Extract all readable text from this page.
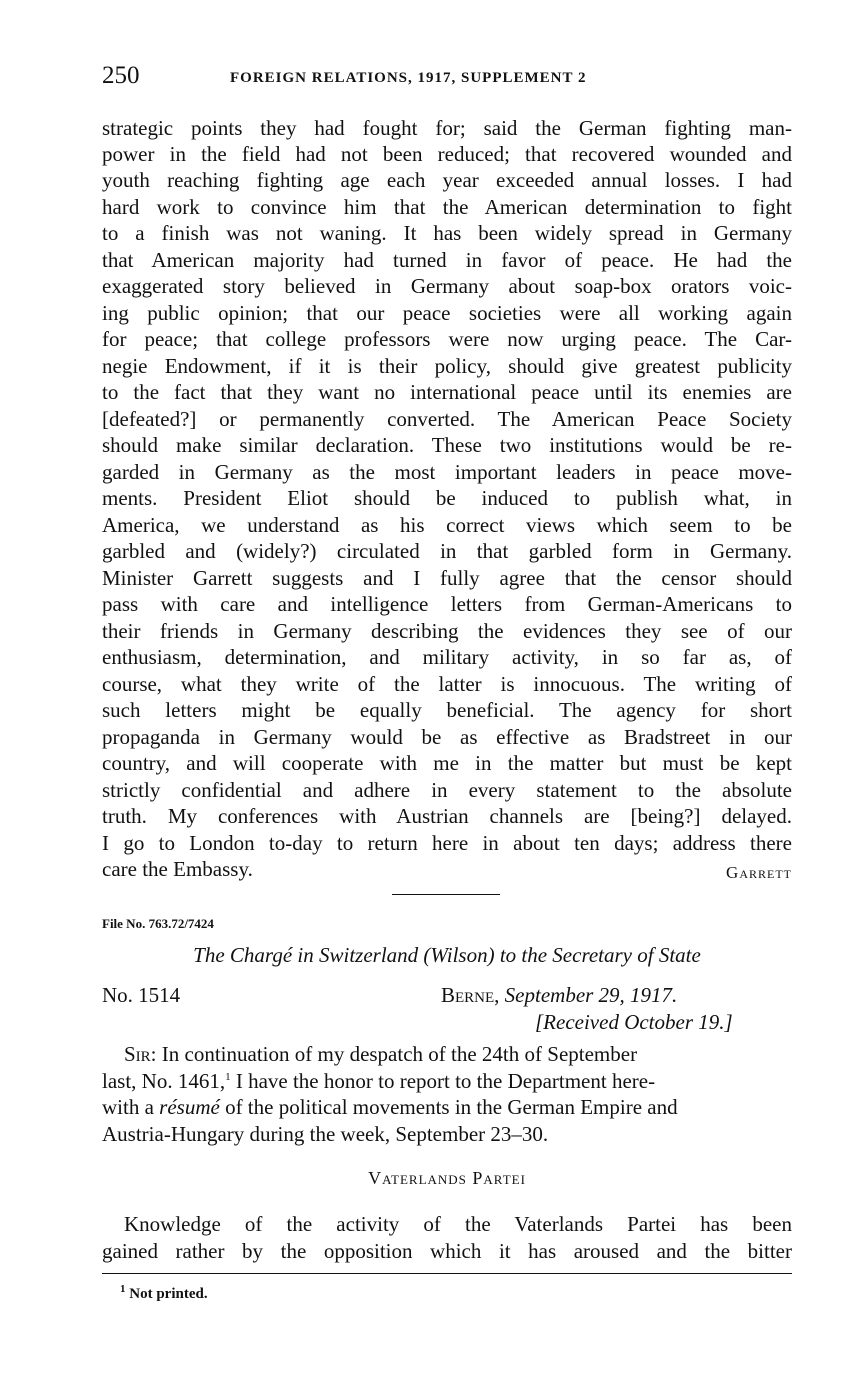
250	FOREIGN RELATIONS, 1917, SUPPLEMENT 2
strategic points they had fought for; said the German fighting man-
power in the field had not been reduced; that recovered wounded and
youth reaching fighting age each year exceeded annual losses. I had
hard work to convince him that the American determination to fight
to a finish was not waning. It has been widely spread in Germany
that American majority had turned in favor of peace. He had the
exaggerated story believed in Germany about soap-box orators voic-
ing public opinion; that our peace societies were all working again
for peace; that college professors were now urging peace. The Car-
negie Endowment, if it is their policy, should give greatest publicity
to the fact that they want no international peace until its enemies are
[defeated?] or permanently converted. The American Peace Society
should make similar declaration. These two institutions would be re-
garded in Germany as the most important leaders in peace move-
ments. President Eliot should be induced to publish what, in
America, we understand as his correct views which seem to be
garbled and (widely?) circulated in that garbled form in Germany.
Minister Garrett suggests and I fully agree that the censor should
pass with care and intelligence letters from German-Americans to
their friends in Germany describing the evidences they see of our
enthusiasm, determination, and military activity, in so far as, of
course, what they write of the latter is innocuous. The writing of
such letters might be equally beneficial. The agency for short
propaganda in Germany would be as effective as Bradstreet in our
country, and will cooperate with me in the matter but must be kept
strictly confidential and adhere in every statement to the absolute
truth. My conferences with Austrian channels are [being?] delayed.
I go to London to-day to return here in about ten days; address there
care the Embassy.	Garrett
File No. 763.72/7424
The Chargé in Switzerland (Wilson) to the Secretary of State
No. 1514	Berne, September 29, 1917.
[Received October 19.]
Sir: In continuation of my despatch of the 24th of September
last, No. 1461,$^1$ I have the honor to report to the Department here-
with a résumé of the political movements in the German Empire and
Austria-Hungary during the week, September 23–30.
Vaterlands Partei
Knowledge of the activity of the Vaterlands Partei has been
gained rather by the opposition which it has aroused and the bitter
$^1$ Not printed.
